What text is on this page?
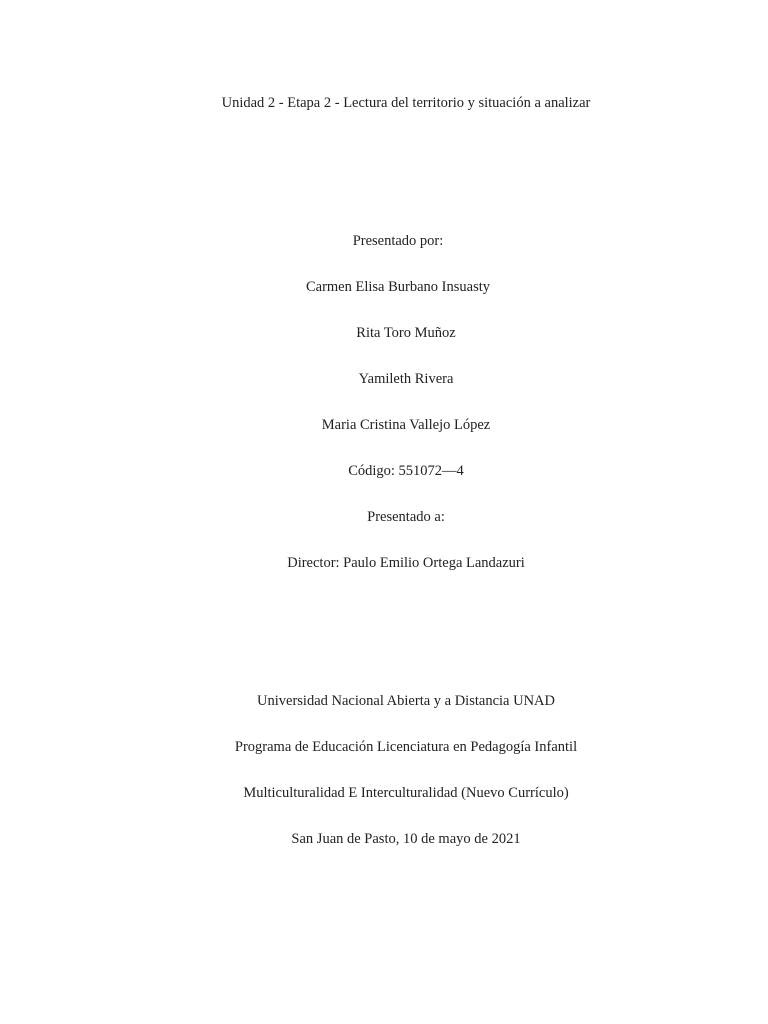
Unidad 2 - Etapa 2 - Lectura del territorio y situación a analizar

Presentado por:

Carmen Elisa Burbano Insuasty

Rita Toro Muñoz

Yamileth Rivera

Maria Cristina Vallejo López

Código: 551072—4

Presentado a:

Director: Paulo Emilio Ortega Landazuri

Universidad Nacional Abierta y a Distancia UNAD

Programa de Educación Licenciatura en Pedagogía Infantil

Multiculturalidad E Interculturalidad (Nuevo Currículo)

San Juan de Pasto, 10 de mayo de 2021
